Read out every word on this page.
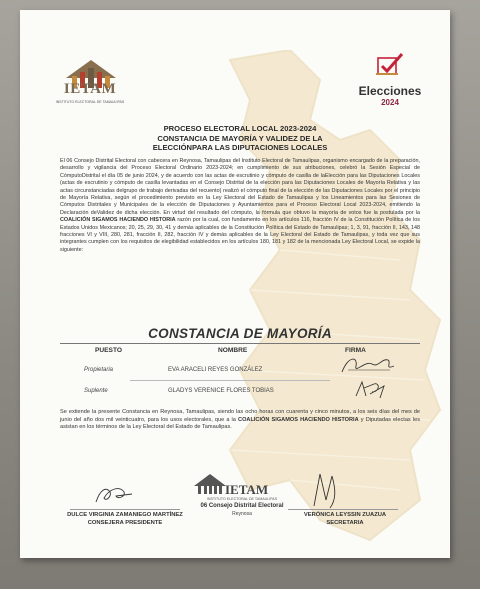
IETAM
INSTITUTO ELECTORAL DE TAMAULIPAS
Elecciones
2024
PROCESO ELECTORAL LOCAL 2023-2024
CONSTANCIA DE MAYORÍA Y VALIDEZ DE LA
ELECCIÓNPARA LAS DIPUTACIONES LOCALES
El 06 Consejo Distrital Electoral con cabecera en Reynosa, Tamaulipas del Instituto Electoral de Tamaulipas, organismo encargado de la preparación, desarrollo y vigilancia del Proceso Electoral Ordinario 2023-2024; en cumplimiento de sus atribuciones, celebró la Sesión Especial de CómputoDistrital el día 05 de junio 2024, y de acuerdo con las actas de escrutinio y cómputo de casilla de laElección para las Diputaciones Locales (actas de escrutinio y cómputo de casilla levantadas en el Consejo Distrital de la elección para las Diputaciones Locales de Mayoría Relativa y las actas circunstanciadas delgrupo de trabajo derivadas del recuento) realizó el cómputo final de la elección de las Diputaciones Locales por el principio de Mayoría Relativa, según el procedimiento previsto en la Ley Electoral del Estado de Tamaulipas y los Lineamientos para las Sesiones de Cómputos Distritales y Municipales de la elección de Diputaciones y Ayuntamientos para el Proceso Electoral Local 2023-2024, emitiendo la Declaración deValidez de dicha elección. En virtud del resultado del cómputo, la fórmula que obtuvo la mayoría de votos fue la postulada por la COALICIÓN SIGAMOS HACIENDO HISTORIA razón por la cual, con fundamento en los artículos 116, fracción IV de la Constitución Política de los Estados Unidos Mexicanos; 20, 25, 29, 30, 41 y demás aplicables de la Constitución Política del Estado de Tamaulipas; 1, 3, 91, fracción II, 143, 148 fracciones VI y VIII, 280, 281, fracción II, 282, fracción IV y demás aplicables de la Ley Electoral del Estado de Tamaulipas, y toda vez que sus integrantes cumplen con los requisitos de elegibilidad establecidos en los artículos 180, 181 y 182 de la mencionada Ley Electoral Local, se expide la siguiente:
CONSTANCIA DE MAYORÍA
PUESTO	NOMBRE	FIRMA
Propietaria	EVA ARACELI REYES GONZÁLEZ
Suplente	GLADYS VERENICE FLORES TOBIAS
Se extiende la presente Constancia en Reynosa, Tamaulipas, siendo las ocho horas con cuarenta y cinco minutos, a los seis días del mes de junio del año dos mil veinticuatro, para los usos electorales, que a la COALICIÓN SIGAMOS HACIENDO HISTORIA y Diputadas electas les asistan en los términos de la Ley Electoral del Estado de Tamaulipas.
IETAM
INSTITUTO ELECTORAL DE TAMAULIPAS
06 Consejo Distrital Electoral
Reynosa
DULCE VIRGINIA ZAMANIEGO MARTÍNEZ
CONSEJERA PRESIDENTE
VERÓNICA LEYSSIN ZUAZUA
SECRETARIA
